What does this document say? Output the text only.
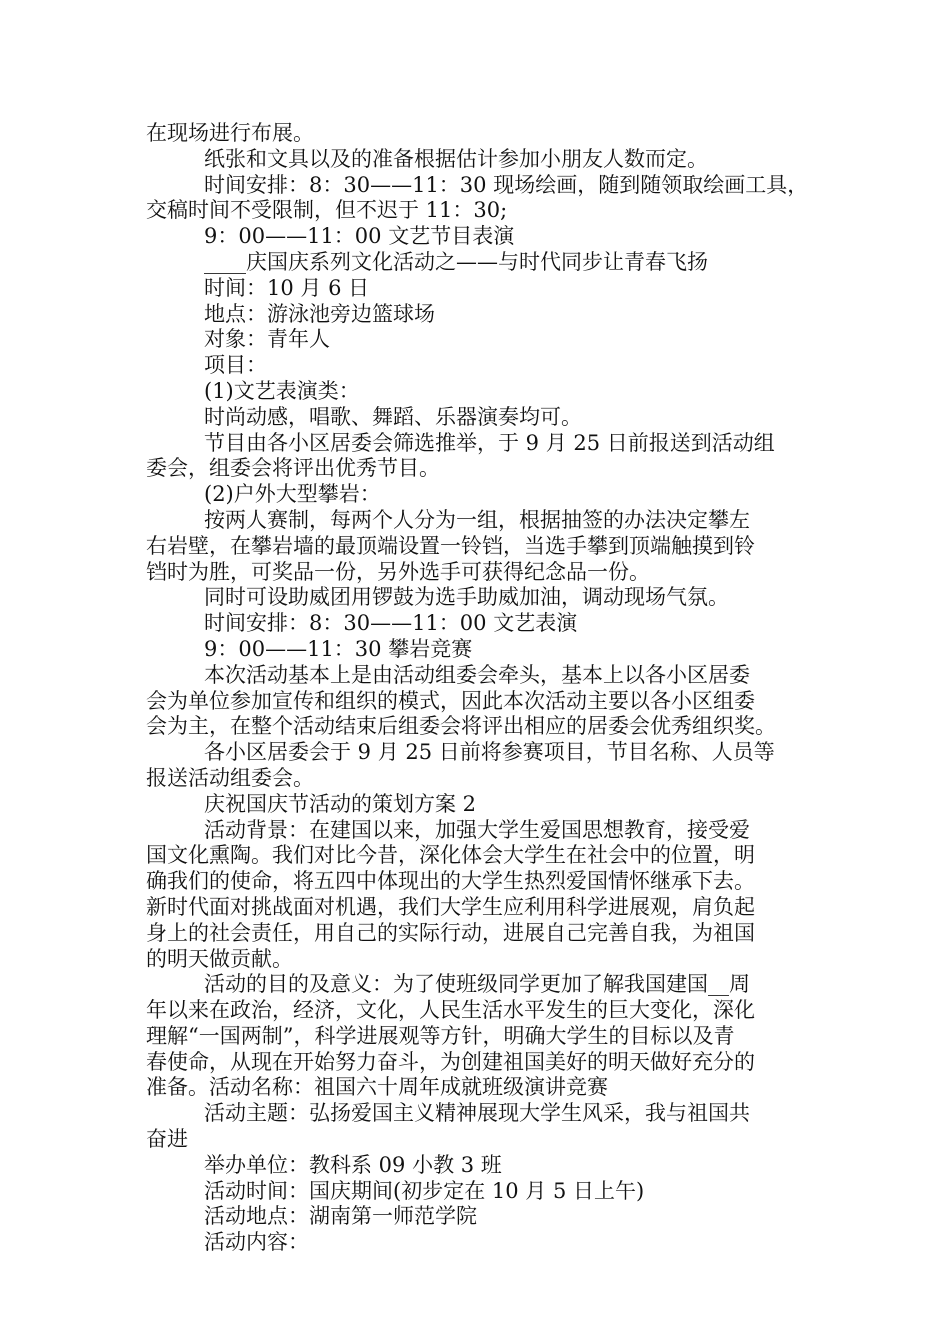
在现场进行布展。
纸张和文具以及的准备根据估计参加小朋友人数而定。
时间安排：8：30——11：30 现场绘画，随到随领取绘画工具，
交稿时间不受限制，但不迟于 11：30;
9：00——11：00 文艺节目表演
____庆国庆系列文化活动之——与时代同步让青春飞扬
时间：10 月 6 日
地点：游泳池旁边篮球场
对象：青年人
项目：
(1)文艺表演类：
时尚动感，唱歌、舞蹈、乐器演奏均可。
节目由各小区居委会筛选推举，于 9 月 25 日前报送到活动组
委会，组委会将评出优秀节目。
(2)户外大型攀岩：
按两人赛制，每两个人分为一组，根据抽签的办法决定攀左
右岩壁，在攀岩墙的最顶端设置一铃铛，当选手攀到顶端触摸到铃
铛时为胜，可奖品一份，另外选手可获得纪念品一份。
同时可设助威团用锣鼓为选手助威加油，调动现场气氛。
时间安排：8：30——11：00 文艺表演
9：00——11：30 攀岩竞赛
本次活动基本上是由活动组委会牵头，基本上以各小区居委
会为单位参加宣传和组织的模式，因此本次活动主要以各小区组委
会为主，在整个活动结束后组委会将评出相应的居委会优秀组织奖。
各小区居委会于 9 月 25 日前将参赛项目，节目名称、人员等
报送活动组委会。
庆祝国庆节活动的策划方案 2
活动背景：在建国以来，加强大学生爱国思想教育，接受爱
国文化熏陶。我们对比今昔，深化体会大学生在社会中的位置，明
确我们的使命，将五四中体现出的大学生热烈爱国情怀继承下去。
新时代面对挑战面对机遇，我们大学生应利用科学进展观，肩负起
身上的社会责任，用自己的实际行动，进展自己完善自我，为祖国
的明天做贡献。
活动的目的及意义：为了使班级同学更加了解我国建国__周
年以来在政治，经济，文化，人民生活水平发生的巨大变化，深化
理解“一国两制”，科学进展观等方针，明确大学生的目标以及青
春使命，从现在开始努力奋斗，为创建祖国美好的明天做好充分的
准备。活动名称：祖国六十周年成就班级演讲竞赛
活动主题：弘扬爱国主义精神展现大学生风采，我与祖国共
奋进
举办单位：教科系 09 小教 3 班
活动时间：国庆期间(初步定在 10 月 5 日上午)
活动地点：湖南第一师范学院
活动内容：
